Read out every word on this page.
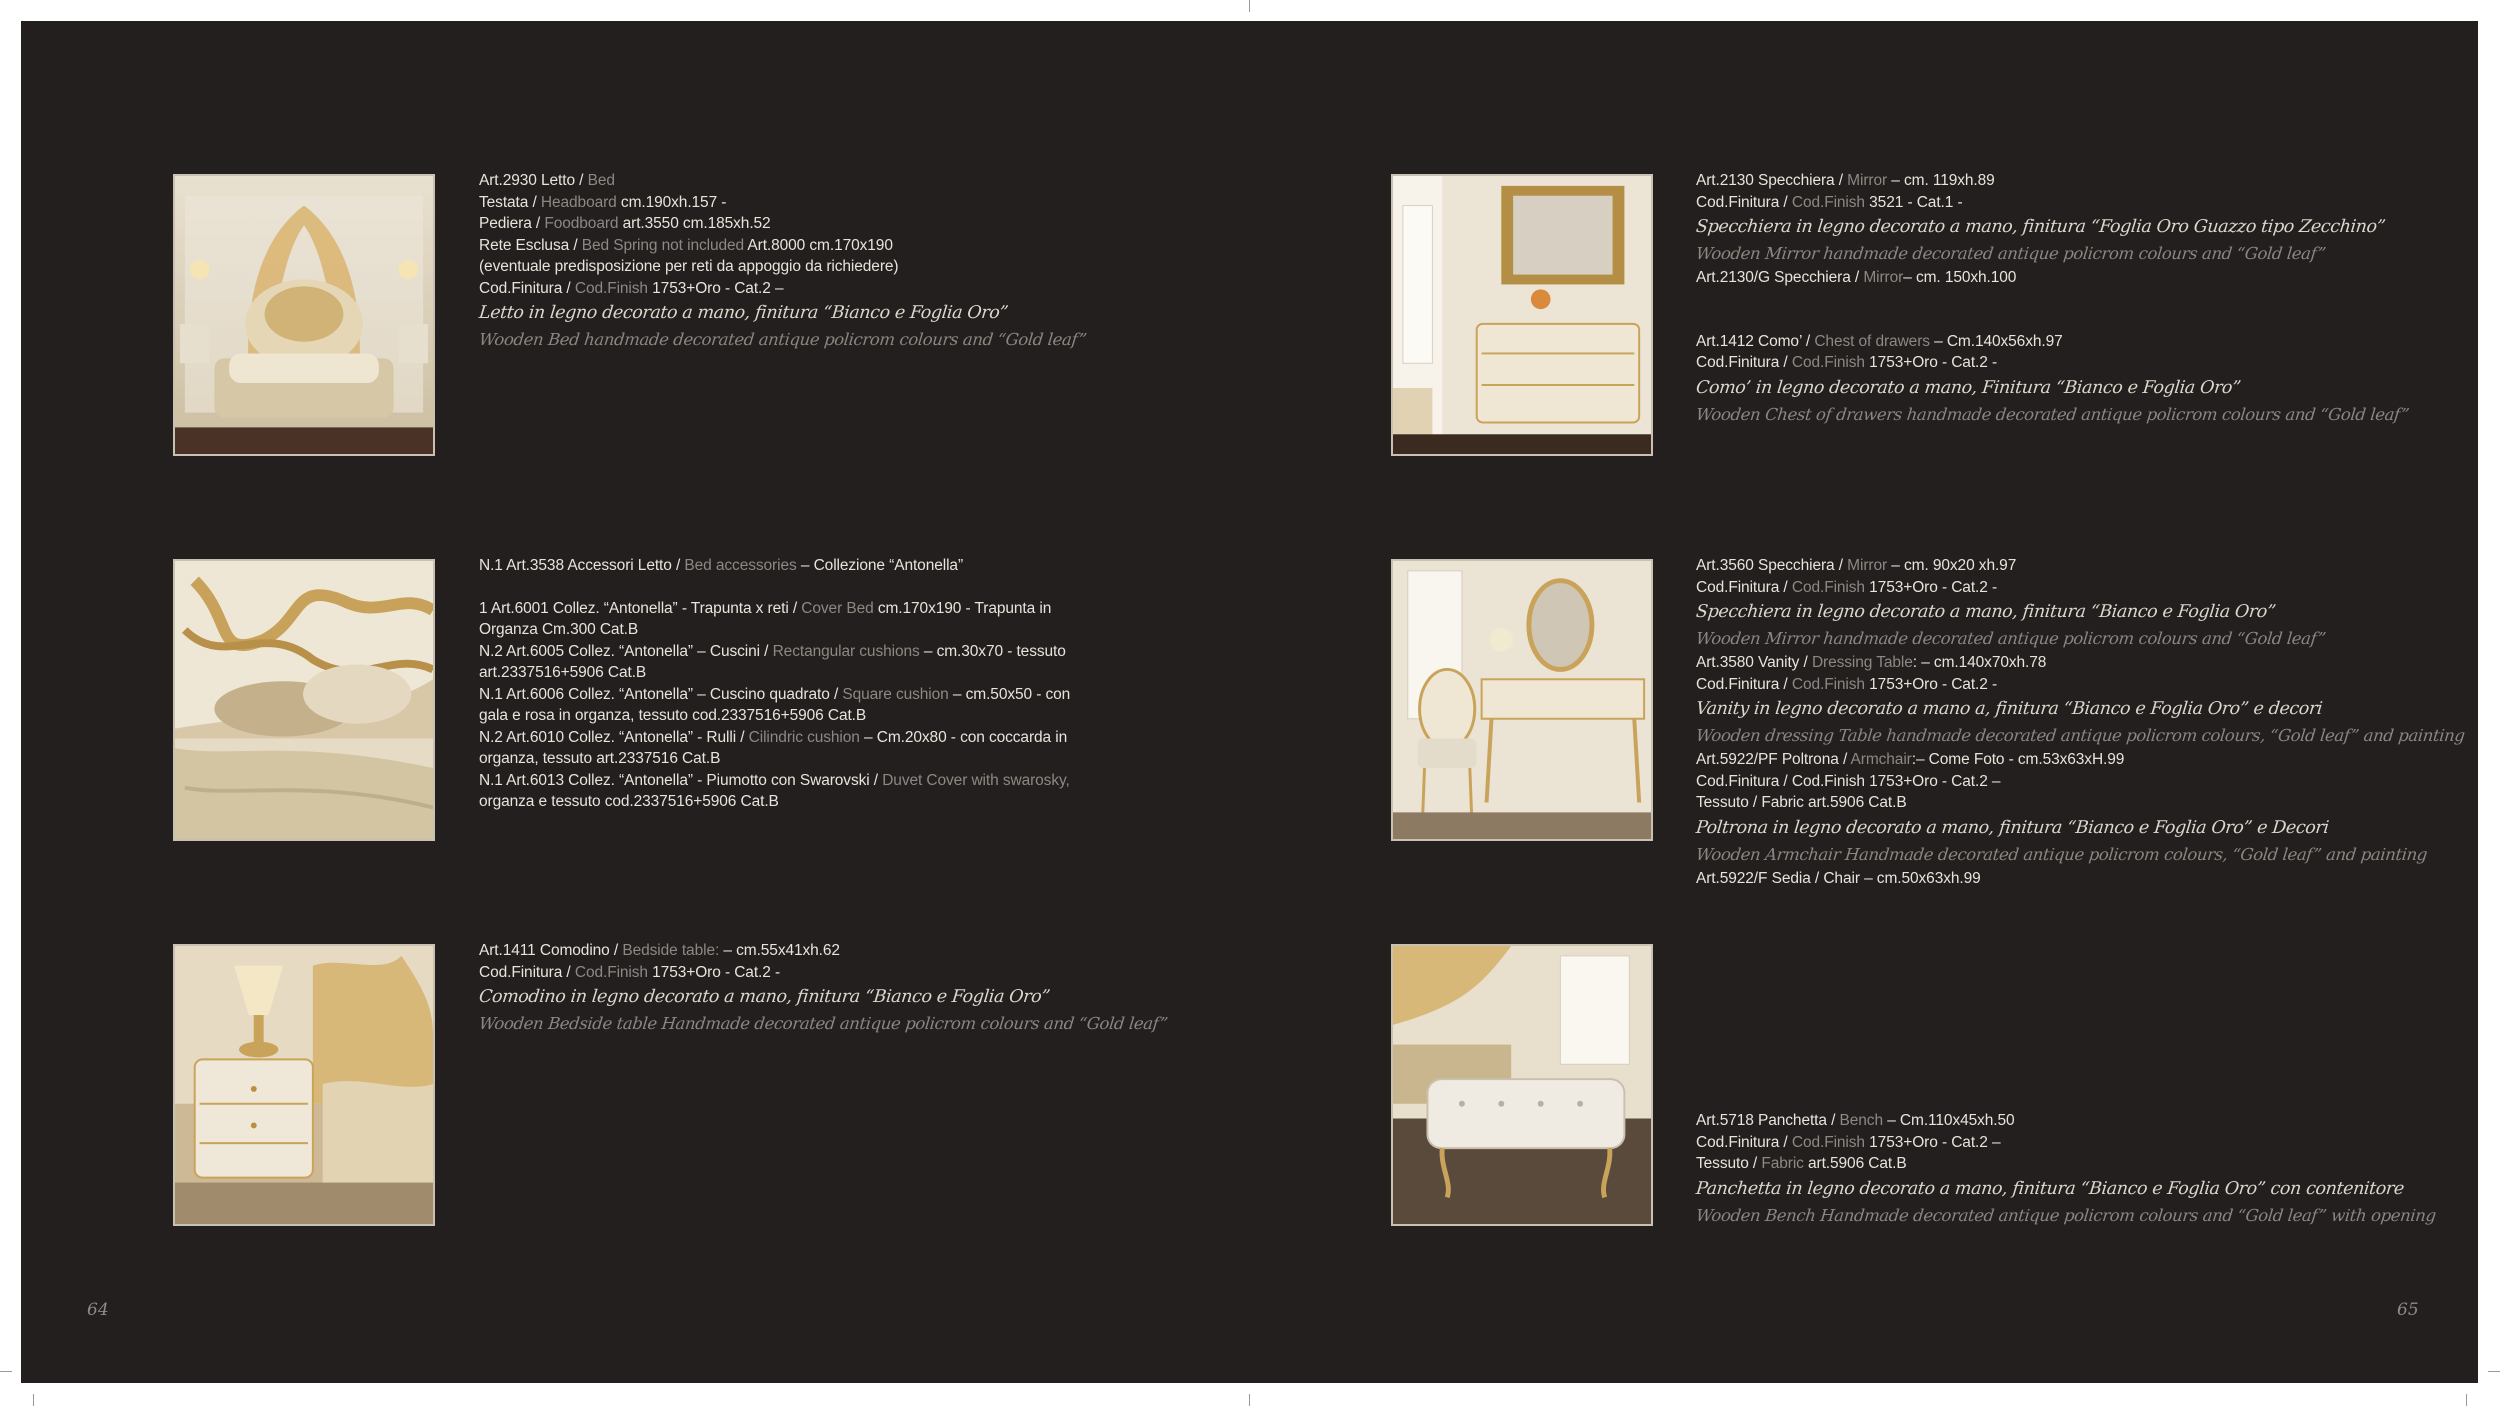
Art.2930 Letto / Bed
Testata / Headboard cm.190xh.157 -
Pediera / Foodboard art.3550 cm.185xh.52
Rete Esclusa / Bed Spring not included Art.8000 cm.170x190
(eventuale predisposizione per reti da appoggio da richiedere)
Cod.Finitura / Cod.Finish 1753+Oro - Cat.2 –
Letto in legno decorato a mano, finitura “Bianco e Foglia Oro”
Wooden Bed handmade decorated antique policrom colours and “Gold leaf”
N.1 Art.3538 Accessori Letto / Bed accessories – Collezione “Antonella”
1 Art.6001 Collez. “Antonella” - Trapunta x reti / Cover Bed cm.170x190 - Trapunta in
Organza Cm.300 Cat.B
N.2 Art.6005 Collez. “Antonella” – Cuscini / Rectangular cushions – cm.30x70 - tessuto
art.2337516+5906 Cat.B
N.1 Art.6006 Collez. “Antonella” – Cuscino quadrato / Square cushion – cm.50x50 - con
gala e rosa in organza, tessuto cod.2337516+5906 Cat.B
N.2 Art.6010 Collez. “Antonella” - Rulli / Cilindric cushion – Cm.20x80 - con coccarda in
organza, tessuto art.2337516 Cat.B
N.1 Art.6013 Collez. “Antonella” - Piumotto con Swarovski / Duvet Cover with swarosky,
organza e tessuto cod.2337516+5906 Cat.B
Art.1411 Comodino / Bedside table: – cm.55x41xh.62
Cod.Finitura / Cod.Finish 1753+Oro - Cat.2 -
Comodino in legno decorato a mano, finitura “Bianco e Foglia Oro”
Wooden Bedside table Handmade decorated antique policrom colours and “Gold leaf”
64
Art.2130 Specchiera / Mirror – cm. 119xh.89
Cod.Finitura / Cod.Finish 3521 - Cat.1 -
Specchiera in legno decorato a mano, finitura “Foglia Oro Guazzo tipo Zecchino”
Wooden Mirror handmade decorated antique policrom colours and “Gold leaf”
Art.2130/G Specchiera / Mirror– cm. 150xh.100
Art.1412 Como’ / Chest of drawers – Cm.140x56xh.97
Cod.Finitura / Cod.Finish 1753+Oro - Cat.2 -
Como’ in legno decorato a mano, Finitura “Bianco e Foglia Oro”
Wooden Chest of drawers handmade decorated antique policrom colours and “Gold leaf”
Art.3560 Specchiera / Mirror – cm. 90x20 xh.97
Cod.Finitura / Cod.Finish 1753+Oro - Cat.2 -
Specchiera in legno decorato a mano, finitura “Bianco e Foglia Oro”
Wooden Mirror handmade decorated antique policrom colours and “Gold leaf”
Art.3580 Vanity / Dressing Table: – cm.140x70xh.78
Cod.Finitura / Cod.Finish 1753+Oro - Cat.2 -
Vanity in legno decorato a mano a, finitura “Bianco e Foglia Oro” e decori
Wooden dressing Table handmade decorated antique policrom colours, “Gold leaf” and painting
Art.5922/PF Poltrona / Armchair:– Come Foto - cm.53x63xH.99
Cod.Finitura / Cod.Finish 1753+Oro - Cat.2 –
Tessuto / Fabric art.5906 Cat.B
Poltrona in legno decorato a mano, finitura “Bianco e Foglia Oro” e Decori
Wooden Armchair Handmade decorated antique policrom colours, “Gold leaf” and painting
Art.5922/F Sedia / Chair – cm.50x63xh.99
Art.5718 Panchetta / Bench – Cm.110x45xh.50
Cod.Finitura / Cod.Finish 1753+Oro - Cat.2 –
Tessuto / Fabric art.5906 Cat.B
Panchetta in legno decorato a mano, finitura “Bianco e Foglia Oro” con contenitore
Wooden Bench Handmade decorated antique policrom colours and “Gold leaf” with opening
65
